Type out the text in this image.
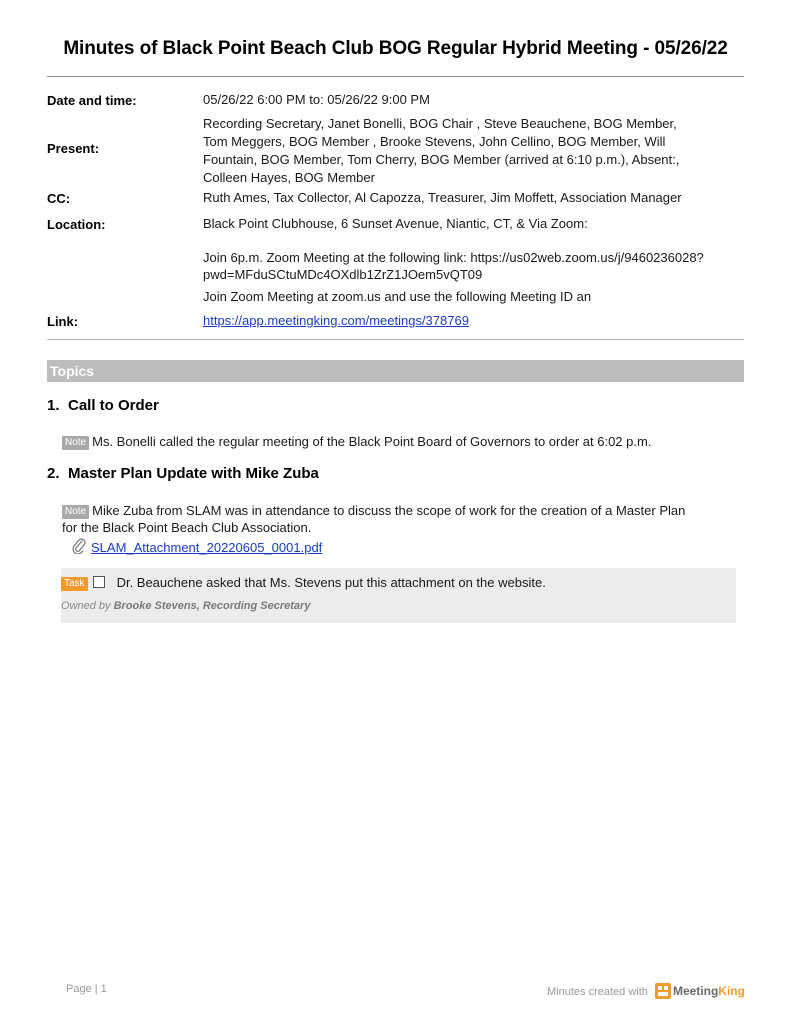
Minutes of Black Point Beach Club BOG Regular Hybrid Meeting - 05/26/22
Date and time:	05/26/22 6:00 PM to: 05/26/22 9:00 PM
Present:
Recording Secretary, Janet Bonelli, BOG Chair , Steve Beauchene, BOG Member,
Tom Meggers, BOG Member , Brooke Stevens, John Cellino, BOG Member, Will
Fountain, BOG Member, Tom Cherry, BOG Member (arrived at 6:10 p.m.), Absent:,
Colleen Hayes, BOG Member
CC:	Ruth Ames, Tax Collector, Al Capozza, Treasurer, Jim Moffett, Association Manager
Location:	Black Point Clubhouse, 6 Sunset Avenue, Niantic, CT, & Via Zoom:
Join 6p.m. Zoom Meeting at the following link: https://us02web.zoom.us/j/9460236028?
pwd=MFduSCtuMDc4OXdlb1ZrZ1JOem5vQT09
Join Zoom Meeting at zoom.us and use the following Meeting ID an
Link:	https://app.meetingking.com/meetings/378769
Topics
1. Call to Order
Note Ms. Bonelli called the regular meeting of the Black Point Board of Governors to order at 6:02 p.m.
2. Master Plan Update with Mike Zuba
Note Mike Zuba from SLAM was in attendance to discuss the scope of work for the creation of a Master Plan
for the Black Point Beach Club Association.
SLAM_Attachment_20220605_0001.pdf
Task Dr. Beauchene asked that Ms. Stevens put this attachment on the website.
Owned by Brooke Stevens, Recording Secretary
Page | 1	Minutes created with MeetingKing
